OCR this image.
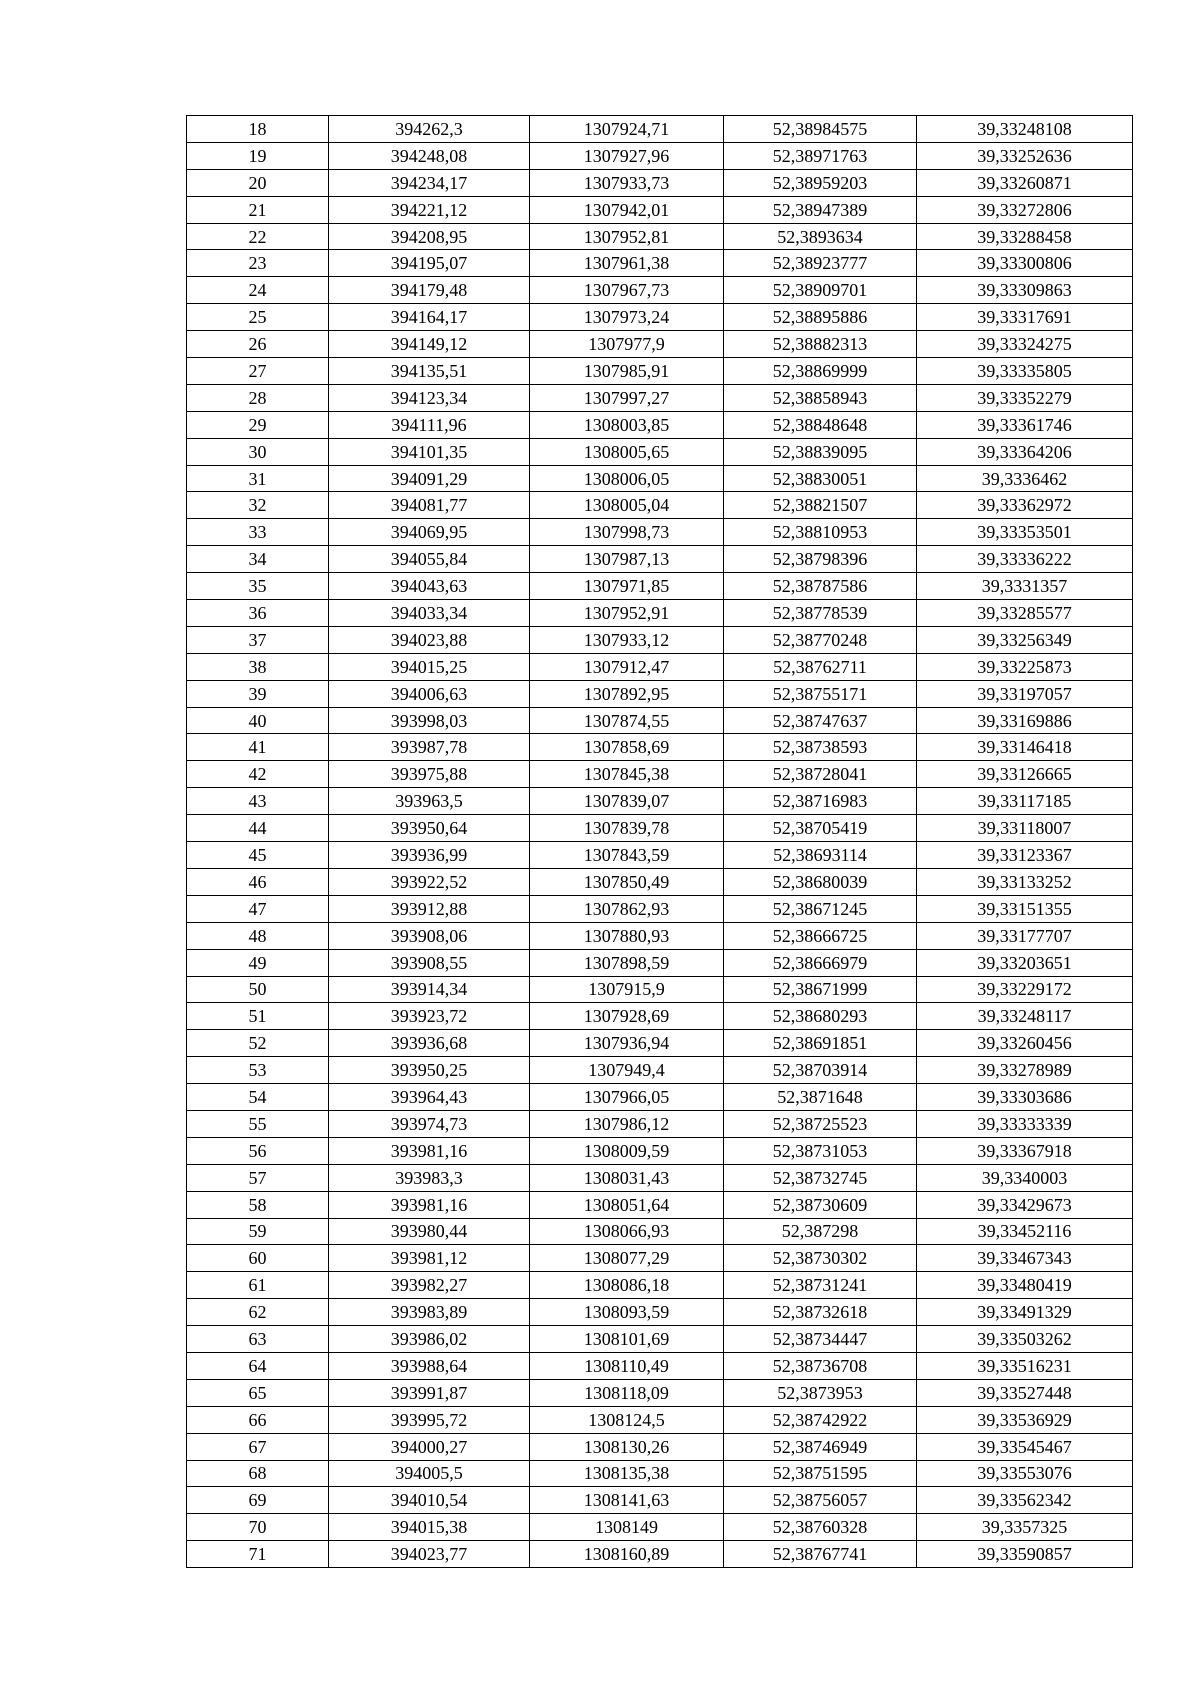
18	394262,3	1307924,71	52,38984575	39,33248108
19	394248,08	1307927,96	52,38971763	39,33252636
20	394234,17	1307933,73	52,38959203	39,33260871
21	394221,12	1307942,01	52,38947389	39,33272806
22	394208,95	1307952,81	52,3893634	39,33288458
23	394195,07	1307961,38	52,38923777	39,33300806
24	394179,48	1307967,73	52,38909701	39,33309863
25	394164,17	1307973,24	52,38895886	39,33317691
26	394149,12	1307977,9	52,38882313	39,33324275
27	394135,51	1307985,91	52,38869999	39,33335805
28	394123,34	1307997,27	52,38858943	39,33352279
29	394111,96	1308003,85	52,38848648	39,33361746
30	394101,35	1308005,65	52,38839095	39,33364206
31	394091,29	1308006,05	52,38830051	39,3336462
32	394081,77	1308005,04	52,38821507	39,33362972
33	394069,95	1307998,73	52,38810953	39,33353501
34	394055,84	1307987,13	52,38798396	39,33336222
35	394043,63	1307971,85	52,38787586	39,3331357
36	394033,34	1307952,91	52,38778539	39,33285577
37	394023,88	1307933,12	52,38770248	39,33256349
38	394015,25	1307912,47	52,38762711	39,33225873
39	394006,63	1307892,95	52,38755171	39,33197057
40	393998,03	1307874,55	52,38747637	39,33169886
41	393987,78	1307858,69	52,38738593	39,33146418
42	393975,88	1307845,38	52,38728041	39,33126665
43	393963,5	1307839,07	52,38716983	39,33117185
44	393950,64	1307839,78	52,38705419	39,33118007
45	393936,99	1307843,59	52,38693114	39,33123367
46	393922,52	1307850,49	52,38680039	39,33133252
47	393912,88	1307862,93	52,38671245	39,33151355
48	393908,06	1307880,93	52,38666725	39,33177707
49	393908,55	1307898,59	52,38666979	39,33203651
50	393914,34	1307915,9	52,38671999	39,33229172
51	393923,72	1307928,69	52,38680293	39,33248117
52	393936,68	1307936,94	52,38691851	39,33260456
53	393950,25	1307949,4	52,38703914	39,33278989
54	393964,43	1307966,05	52,3871648	39,33303686
55	393974,73	1307986,12	52,38725523	39,33333339
56	393981,16	1308009,59	52,38731053	39,33367918
57	393983,3	1308031,43	52,38732745	39,3340003
58	393981,16	1308051,64	52,38730609	39,33429673
59	393980,44	1308066,93	52,387298	39,33452116
60	393981,12	1308077,29	52,38730302	39,33467343
61	393982,27	1308086,18	52,38731241	39,33480419
62	393983,89	1308093,59	52,38732618	39,33491329
63	393986,02	1308101,69	52,38734447	39,33503262
64	393988,64	1308110,49	52,38736708	39,33516231
65	393991,87	1308118,09	52,3873953	39,33527448
66	393995,72	1308124,5	52,38742922	39,33536929
67	394000,27	1308130,26	52,38746949	39,33545467
68	394005,5	1308135,38	52,38751595	39,33553076
69	394010,54	1308141,63	52,38756057	39,33562342
70	394015,38	1308149	52,38760328	39,3357325
71	394023,77	1308160,89	52,38767741	39,33590857
